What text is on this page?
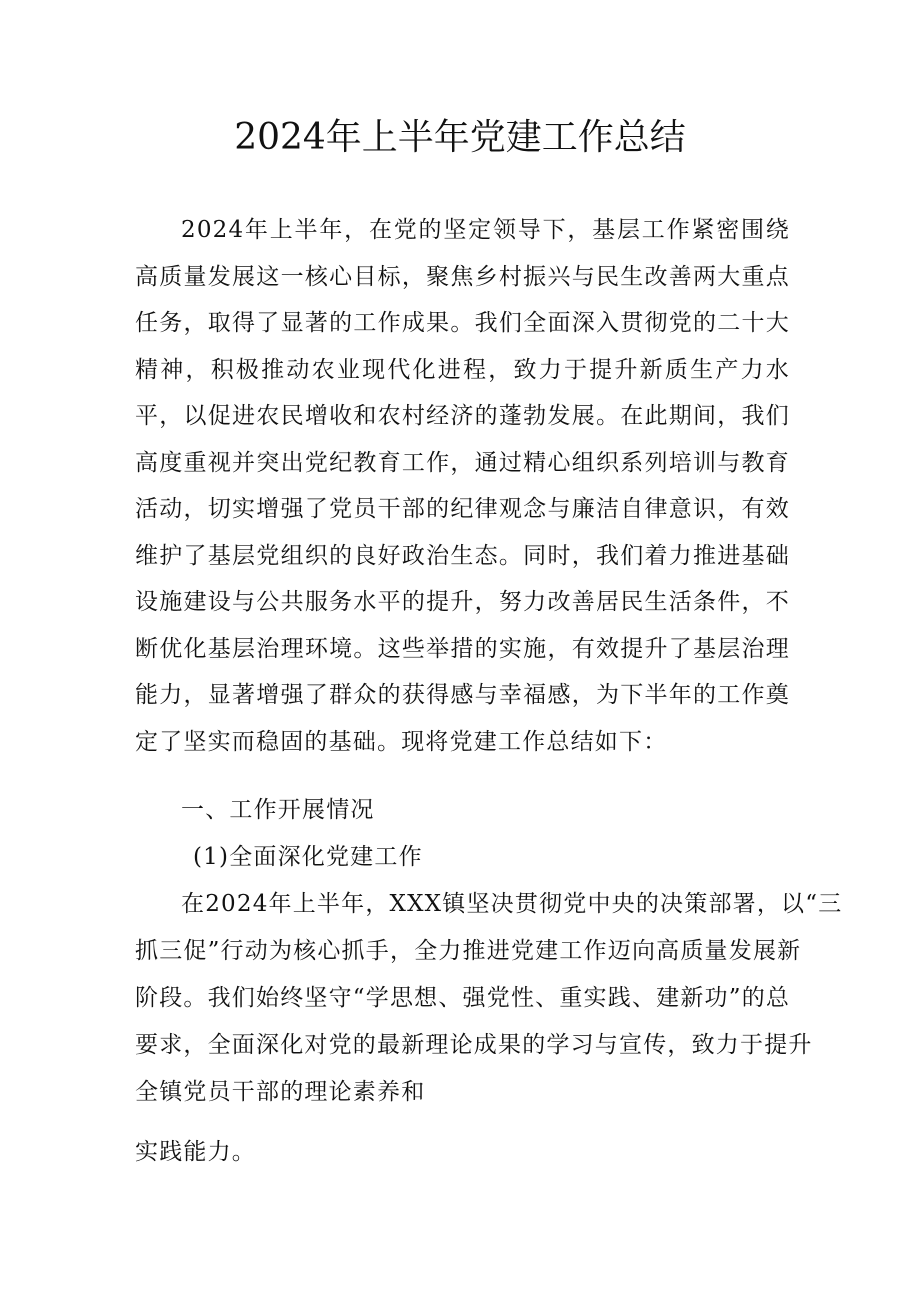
2024年上半年党建工作总结

2024年上半年，在党的坚定领导下，基层工作紧密围绕高质量发展这一核心目标，聚焦乡村振兴与民生改善两大重点任务，取得了显著的工作成果。我们全面深入贯彻党的二十大精神，积极推动农业现代化进程，致力于提升新质生产力水平，以促进农民增收和农村经济的蓬勃发展。在此期间，我们高度重视并突出党纪教育工作，通过精心组织系列培训与教育活动，切实增强了党员干部的纪律观念与廉洁自律意识，有效维护了基层党组织的良好政治生态。同时，我们着力推进基础设施建设与公共服务水平的提升，努力改善居民生活条件，不断优化基层治理环境。这些举措的实施，有效提升了基层治理能力，显著增强了群众的获得感与幸福感，为下半年的工作奠定了坚实而稳固的基础。现将党建工作总结如下：

一、工作开展情况
(1)全面深化党建工作
在2024年上半年，XXX镇坚决贯彻党中央的决策部署，以“三
抓三促”行动为核心抓手，全力推进党建工作迈向高质量发展新
阶段。我们始终坚守“学思想、强党性、重实践、建新功”的总
要求，全面深化对党的最新理论成果的学习与宣传，致力于提升
全镇党员干部的理论素养和
实践能力。
